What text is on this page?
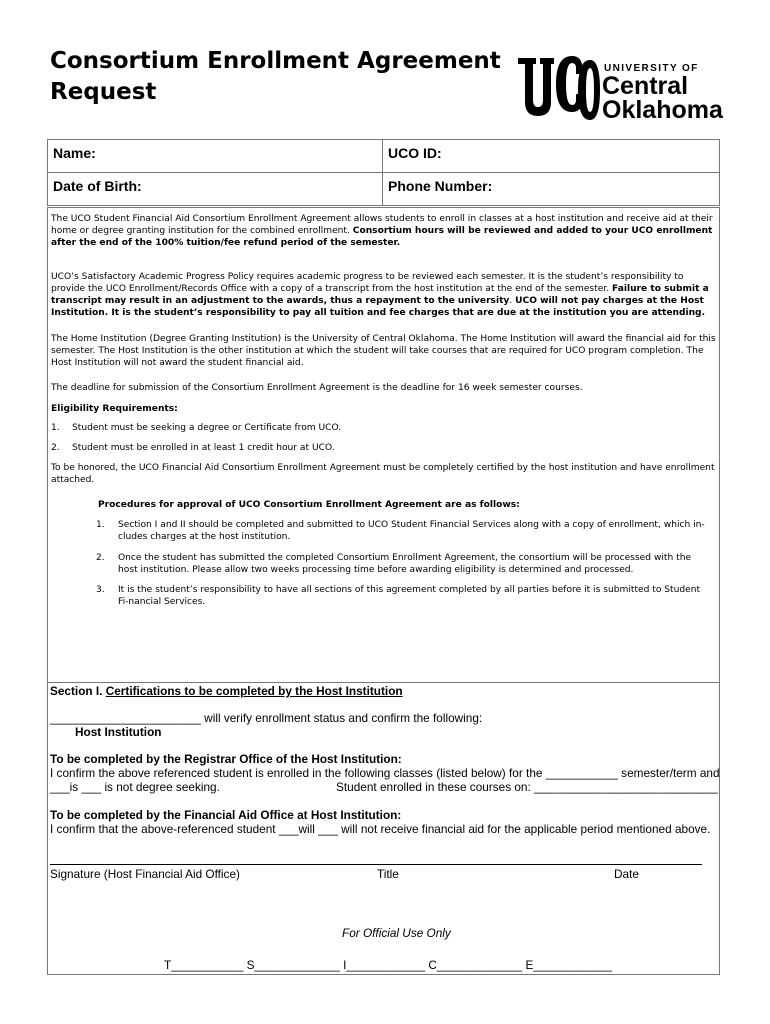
Consortium Enrollment Agreement
Request
UNIVERSITY OF
Central
Oklahoma
Name:	UCO ID:
Date of Birth:	Phone Number:

The UCO Student Financial Aid Consortium Enrollment Agreement allows students to enroll in classes at a host institution and receive aid at their home or degree granting institution for the combined enrollment. Consortium hours will be reviewed and added to your UCO enrollment after the end of the 100% tuition/fee refund period of the semester.

UCO’s Satisfactory Academic Progress Policy requires academic progress to be reviewed each semester. It is the student’s responsibility to provide the UCO Enrollment/Records Office with a copy of a transcript from the host institution at the end of the semester. Failure to submit a transcript may result in an adjustment to the awards, thus a repayment to the university. UCO will not pay charges at the Host Institution. It is the student’s responsibility to pay all tuition and fee charges that are due at the institution you are attending.

The Home Institution (Degree Granting Institution) is the University of Central Oklahoma. The Home Institution will award the financial aid for this semester. The Host Institution is the other institution at which the student will take courses that are required for UCO program completion. The Host Institution will not award the student financial aid.

The deadline for submission of the Consortium Enrollment Agreement is the deadline for 16 week semester courses.

Eligibility Requirements:

1. Student must be seeking a degree or Certificate from UCO.
2. Student must be enrolled in at least 1 credit hour at UCO.

To be honored, the UCO Financial Aid Consortium Enrollment Agreement must be completely certified by the host institution and have enrollment attached.

Procedures for approval of UCO Consortium Enrollment Agreement are as follows:

1. Section I and II should be completed and submitted to UCO Student Financial Services along with a copy of enrollment, which in-cludes charges at the host institution.
2. Once the student has submitted the completed Consortium Enrollment Agreement, the consortium will be processed with the host institution. Please allow two weeks processing time before awarding eligibility is determined and processed.
3. It is the student’s responsibility to have all sections of this agreement completed by all parties before it is submitted to Student Fi-nancial Services.
Section I. Certifications to be completed by the Host Institution
_______________________ will verify enrollment status and confirm the following:
Host Institution
To be completed by the Registrar Office of the Host Institution:
I confirm the above referenced student is enrolled in the following classes (listed below) for the ___________ semester/term and
___is ___ is not degree seeking.	Student enrolled in these courses on: ____________________________
To be completed by the Financial Aid Office at Host Institution:
I confirm that the above-referenced student ___will ___ will not receive financial aid for the applicable period mentioned above.
Signature (Host Financial Aid Office)	Title	Date
For Official Use Only
T___________ S_____________ I____________ C_____________ E____________
